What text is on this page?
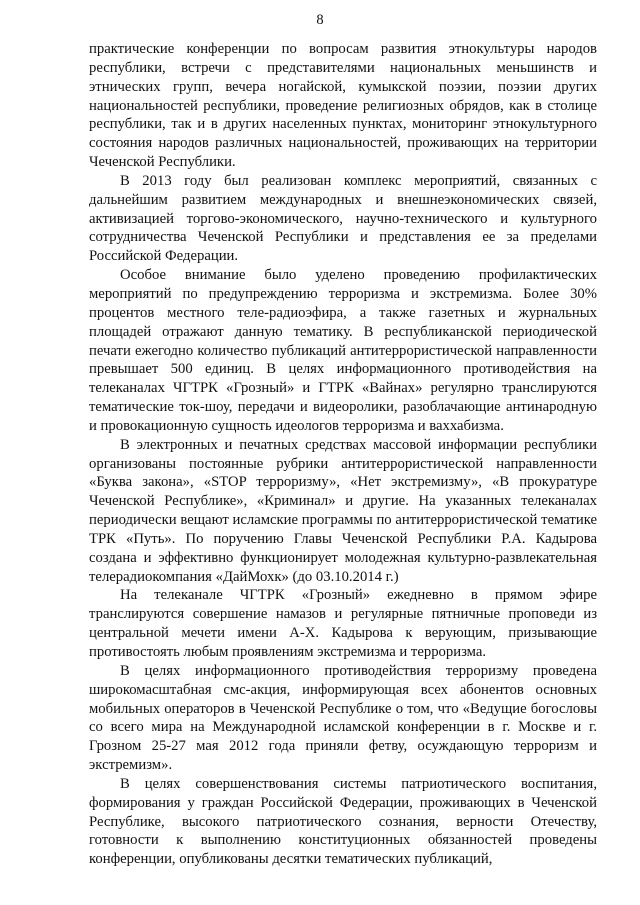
8

практические конференции по вопросам развития этнокультуры народов республики, встречи с представителями национальных меньшинств и этнических групп, вечера ногайской, кумыкской поэзии, поэзии других национальностей республики, проведение религиозных обрядов, как в столице республики, так и в других населенных пунктах, мониторинг этнокультурного состояния народов различных национальностей, проживающих на территории Чеченской Республики.

В 2013 году был реализован комплекс мероприятий, связанных с дальнейшим развитием международных и внешнеэкономических связей, активизацией торгово-экономического, научно-технического и культурного сотрудничества Чеченской Республики и представления ее за пределами Российской Федерации.

Особое внимание было уделено проведению профилактических мероприятий по предупреждению терроризма и экстремизма. Более 30% процентов местного теле-радиоэфира, а также газетных и журнальных площадей отражают данную тематику. В республиканской периодической печати ежегодно количество публикаций антитеррористической направленности превышает 500 единиц. В целях информационного противодействия на телеканалах ЧГТРК «Грозный» и ГТРК «Вайнах» регулярно транслируются тематические ток-шоу, передачи и видеоролики, разоблачающие антинародную и провокационную сущность идеологов терроризма и ваххабизма.

В электронных и печатных средствах массовой информации республики организованы постоянные рубрики антитеррористической направленности «Буква закона», «STOP терроризму», «Нет экстремизму», «В прокуратуре Чеченской Республике», «Криминал» и другие. На указанных телеканалах периодически вещают исламские программы по антитеррористической тематике ТРК «Путь». По поручению Главы Чеченской Республики Р.А. Кадырова создана и эффективно функционирует молодежная культурно-развлекательная телерадиокомпания «ДайМохк» (до 03.10.2014 г.)

На телеканале ЧГТРК «Грозный» ежедневно в прямом эфире транслируются совершение намазов и регулярные пятничные проповеди из центральной мечети имени А-Х. Кадырова к верующим, призывающие противостоять любым проявлениям экстремизма и терроризма.

В целях информационного противодействия терроризму проведена широкомасштабная смс-акция, информирующая всех абонентов основных мобильных операторов в Чеченской Республике о том, что «Ведущие богословы со всего мира на Международной исламской конференции в г. Москве и г. Грозном 25-27 мая 2012 года приняли фетву, осуждающую терроризм и экстремизм».

В целях совершенствования системы патриотического воспитания, формирования у граждан Российской Федерации, проживающих в Чеченской Республике, высокого патриотического сознания, верности Отечеству, готовности к выполнению конституционных обязанностей проведены конференции, опубликованы десятки тематических публикаций,
